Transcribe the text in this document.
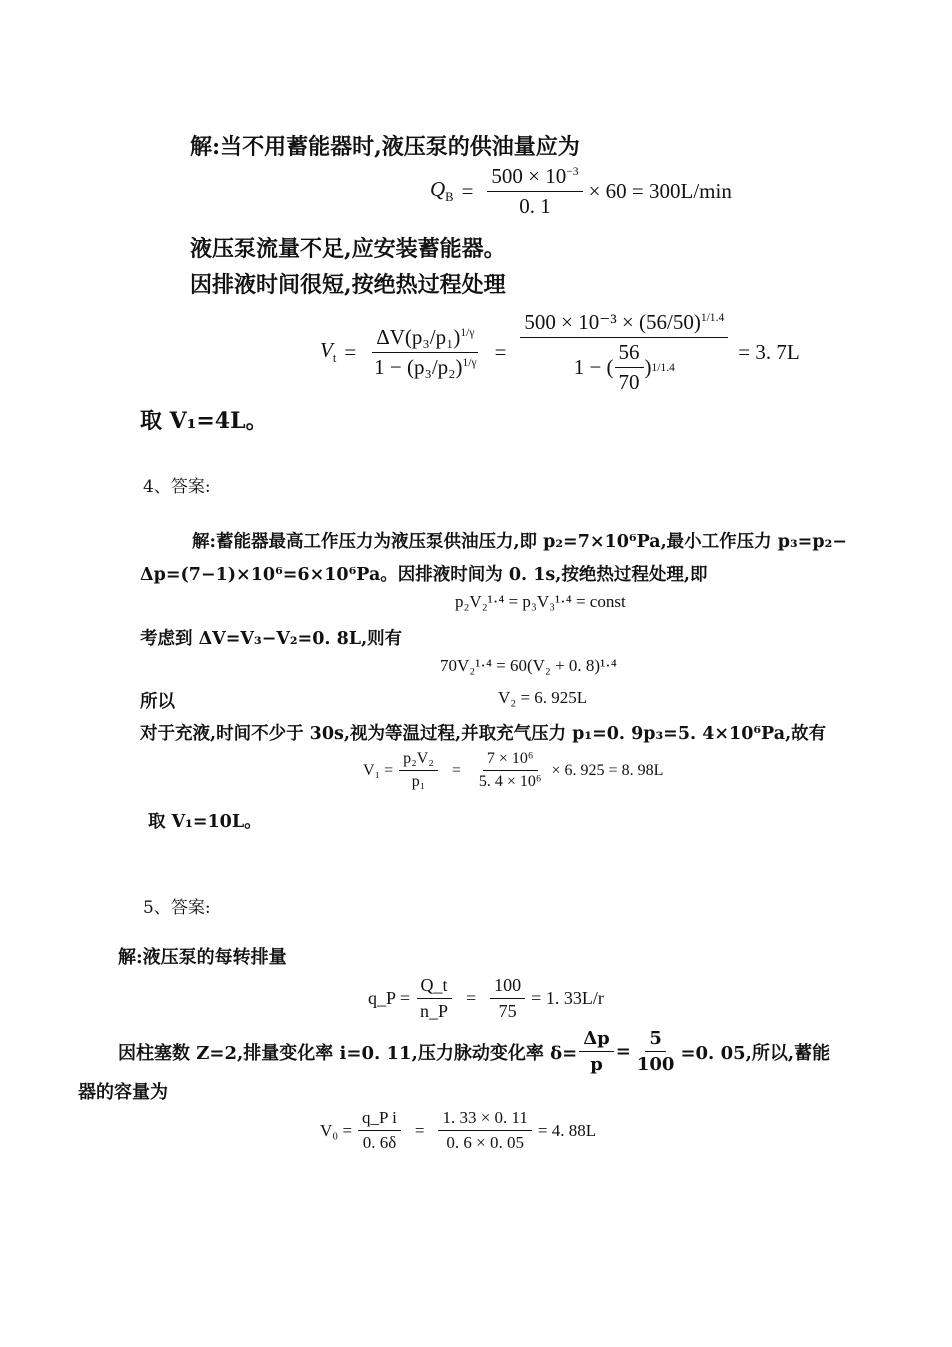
解:当不用蓄能器时,液压泵的供油量应为
$Q_B = \frac{500 \times 10^{-3}}{0. 1} \times 60 = 300L/\min$
液压泵流量不足,应安装蓄能器。
因排液时间很短,按绝热过程处理
$V_t = \frac{\Delta V(p_3/p_1)^{1/\gamma}}{1 - (p_3/p_2)^{1/\gamma}} = \frac{500 \times 10^{-3} \times (56/50)^{1/1.4}}{1 - ( \frac{56}{70} ) 1/1.4} = 3$. 7L
取 V₁=4L。
4、答案:
解:蓄能器最高工作压力为液压泵供油压力,即 p₂=7×10⁶Pa,最小工作压力 p₃=p₂−
Δp=(7−1)×10⁶=6×10⁶Pa。因排液时间为 0. 1s,按绝热过程处理,即
p₂V₂¹·⁴ = p₃V₃¹·⁴ = const
考虑到 ΔV=V₃−V₂=0. 8L,则有
70V₂¹·⁴ = 60(V₂ + 0. 8)¹·⁴
所以	V₂ = 6. 925L
对于充液,时间不少于 30s,视为等温过程,并取充气压力 p₁=0. 9p₃=5. 4×10⁶Pa,故有
$V_1 = \frac{\text{p₂V₂}}{\text{p₁}} = \frac{\text{7 × 10⁶}}{\text{5. 4 × 10⁶}} \times 6$. 925 = 8. 98L
取 V₁=10L。
5、答案:
解:液压泵的每转排量
q_P = $\frac{Q\_t}{n\_P} = \frac{100}{75} = 1$. 33L/r
因柱塞数 Z=2,排量变化率 i=0. 11,压力脉动变化率 $\delta= \frac{\Delta p}{p} = \frac{5}{100} =0$. 05,所以,蓄能
器的容量为
$V_0 = \frac{\text{q\_P i}}{0. 6\delta} = \frac{1. 33 \times 0. 11}{0. 6 \times 0. 05} = 4$. 88L
